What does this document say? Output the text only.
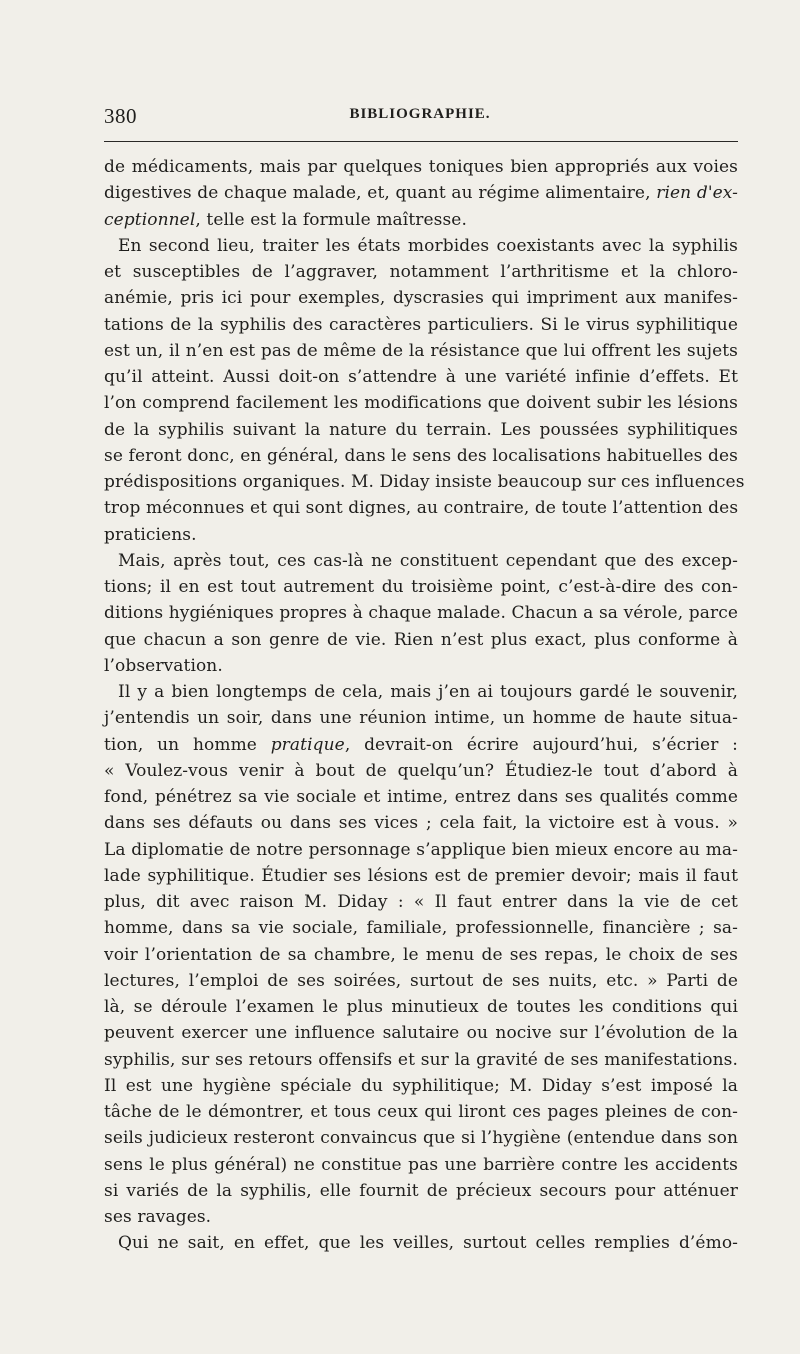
380	BIBLIOGRAPHIE.
de médicaments, mais par quelques toniques bien appropriés aux voies
digestives de chaque malade, et, quant au régime alimentaire, rien d'ex-
ceptionnel, telle est la formule maîtresse.
En second lieu, traiter les états morbides coexistants avec la syphilis
et susceptibles de l’aggraver, notamment l’arthritisme et la chloro-
anémie, pris ici pour exemples, dyscrasies qui impriment aux manifes-
tations de la syphilis des caractères particuliers. Si le virus syphilitique
est un, il n’en est pas de même de la résistance que lui offrent les sujets
qu’il atteint. Aussi doit-on s’attendre à une variété infinie d’effets. Et
l’on comprend facilement les modifications que doivent subir les lésions
de la syphilis suivant la nature du terrain. Les poussées syphilitiques
se feront donc, en général, dans le sens des localisations habituelles des
prédispositions organiques. M. Diday insiste beaucoup sur ces influences
trop méconnues et qui sont dignes, au contraire, de toute l’attention des
praticiens.
Mais, après tout, ces cas-là ne constituent cependant que des excep-
tions; il en est tout autrement du troisième point, c’est-à-dire des con-
ditions hygiéniques propres à chaque malade. Chacun a sa vérole, parce
que chacun a son genre de vie. Rien n’est plus exact, plus conforme à
l’observation.
Il y a bien longtemps de cela, mais j’en ai toujours gardé le souvenir,
j’entendis un soir, dans une réunion intime, un homme de haute situa-
tion, un homme pratique, devrait-on écrire aujourd’hui, s’écrier :
« Voulez-vous venir à bout de quelqu’un? Étudiez-le tout d’abord à
fond, pénétrez sa vie sociale et intime, entrez dans ses qualités comme
dans ses défauts ou dans ses vices ; cela fait, la victoire est à vous. »
La diplomatie de notre personnage s’applique bien mieux encore au ma-
lade syphilitique. Étudier ses lésions est de premier devoir; mais il faut
plus, dit avec raison M. Diday : « Il faut entrer dans la vie de cet
homme, dans sa vie sociale, familiale, professionnelle, financière ; sa-
voir l’orientation de sa chambre, le menu de ses repas, le choix de ses
lectures, l’emploi de ses soirées, surtout de ses nuits, etc. » Parti de
là, se déroule l’examen le plus minutieux de toutes les conditions qui
peuvent exercer une influence salutaire ou nocive sur l’évolution de la
syphilis, sur ses retours offensifs et sur la gravité de ses manifestations.
Il est une hygiène spéciale du syphilitique; M. Diday s’est imposé la
tâche de le démontrer, et tous ceux qui liront ces pages pleines de con-
seils judicieux resteront convaincus que si l’hygiène (entendue dans son
sens le plus général) ne constitue pas une barrière contre les accidents
si variés de la syphilis, elle fournit de précieux secours pour atténuer
ses ravages.
Qui ne sait, en effet, que les veilles, surtout celles remplies d’émo-
